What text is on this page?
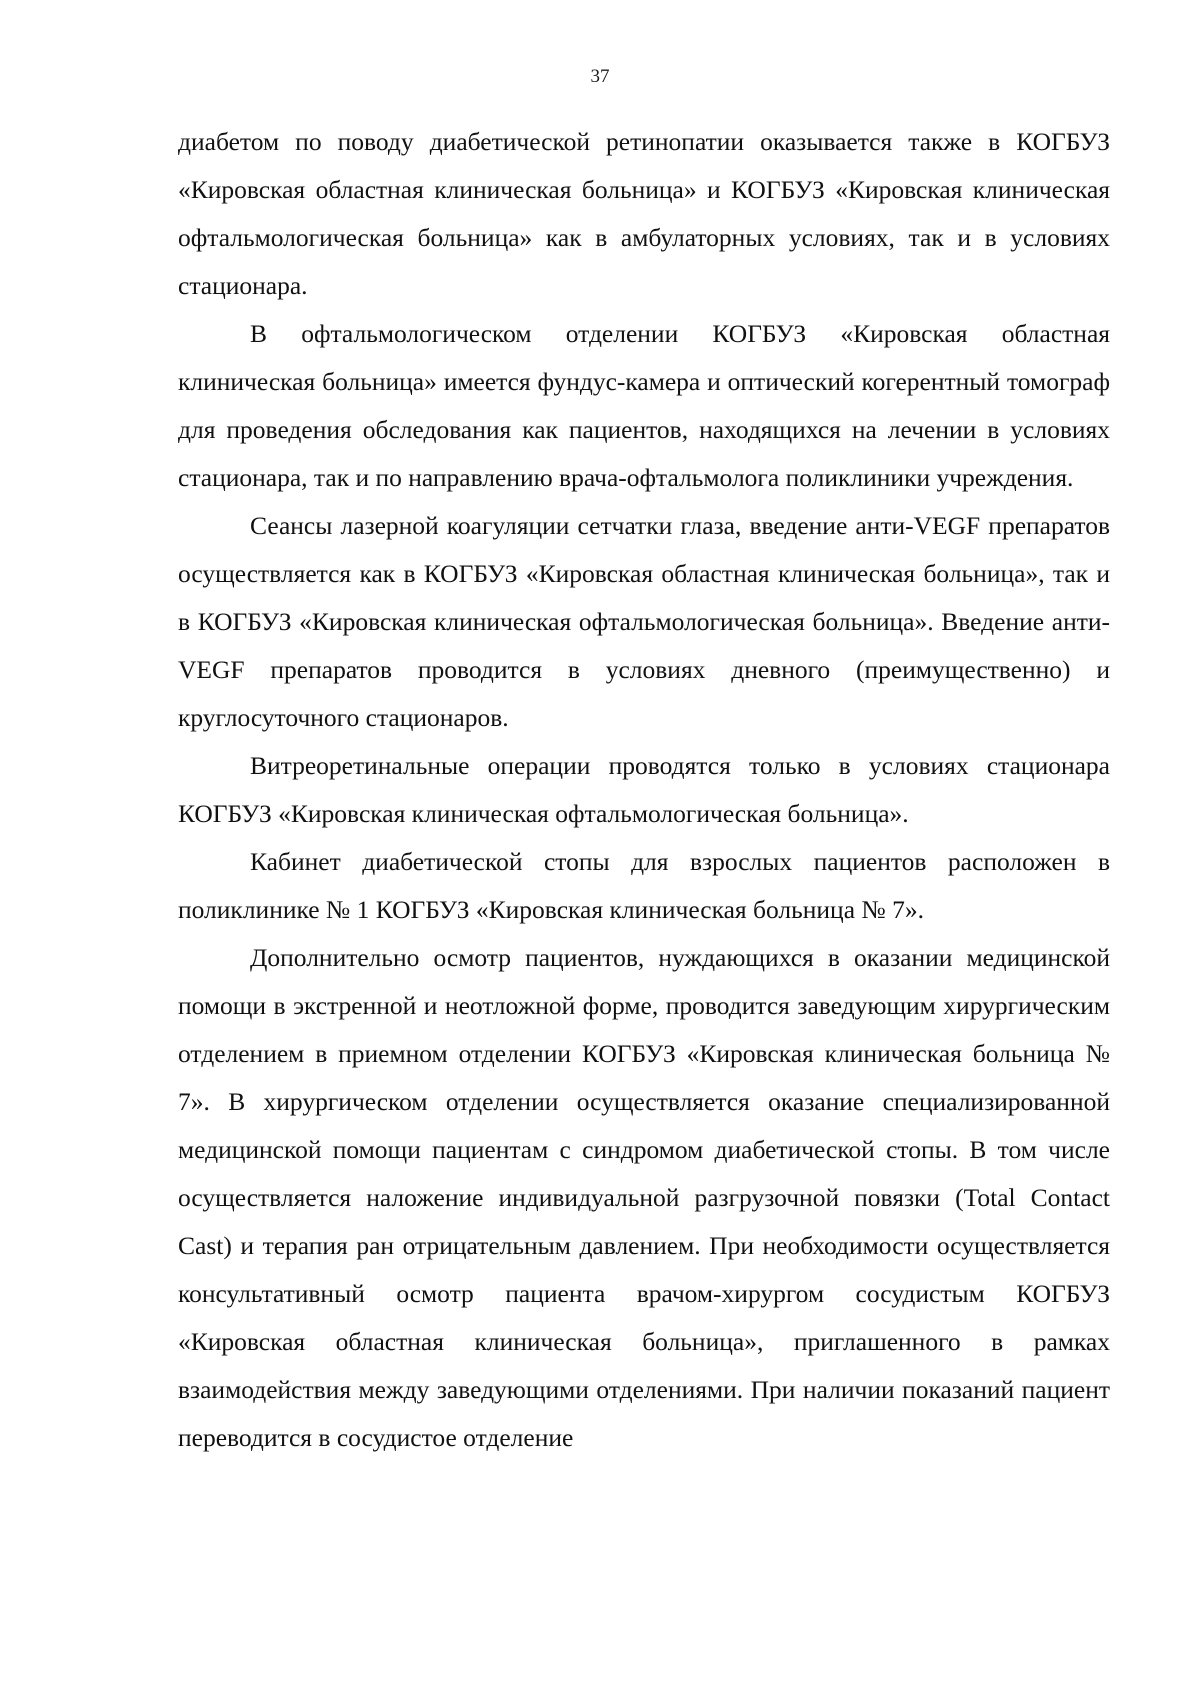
37

диабетом по поводу диабетической ретинопатии оказывается также в КОГБУЗ «Кировская областная клиническая больница» и КОГБУЗ «Кировская клиническая офтальмологическая больница» как в амбулаторных условиях, так и в условиях стационара.

В офтальмологическом отделении КОГБУЗ «Кировская областная клиническая больница» имеется фундус-камера и оптический когерентный томограф для проведения обследования как пациентов, находящихся на лечении в условиях стационара, так и по направлению врача-офтальмолога поликлиники учреждения.

Сеансы лазерной коагуляции сетчатки глаза, введение анти-VEGF препаратов осуществляется как в КОГБУЗ «Кировская областная клиническая больница», так и в КОГБУЗ «Кировская клиническая офтальмологическая больница». Введение анти-VEGF препаратов проводится в условиях дневного (преимущественно) и круглосуточного стационаров.

Витреоретинальные операции проводятся только в условиях стационара КОГБУЗ «Кировская клиническая офтальмологическая больница».

Кабинет диабетической стопы для взрослых пациентов расположен в поликлинике № 1 КОГБУЗ «Кировская клиническая больница № 7».

Дополнительно осмотр пациентов, нуждающихся в оказании медицинской помощи в экстренной и неотложной форме, проводится заведующим хирургическим отделением в приемном отделении КОГБУЗ «Кировская клиническая больница № 7». В хирургическом отделении осуществляется оказание специализированной медицинской помощи пациентам с синдромом диабетической стопы. В том числе осуществляется наложение индивидуальной разгрузочной повязки (Total Contact Cast) и терапия ран отрицательным давлением. При необходимости осуществляется консультативный осмотр пациента врачом-хирургом сосудистым КОГБУЗ «Кировская областная клиническая больница», приглашенного в рамках взаимодействия между заведующими отделениями. При наличии показаний пациент переводится в сосудистое отделение
